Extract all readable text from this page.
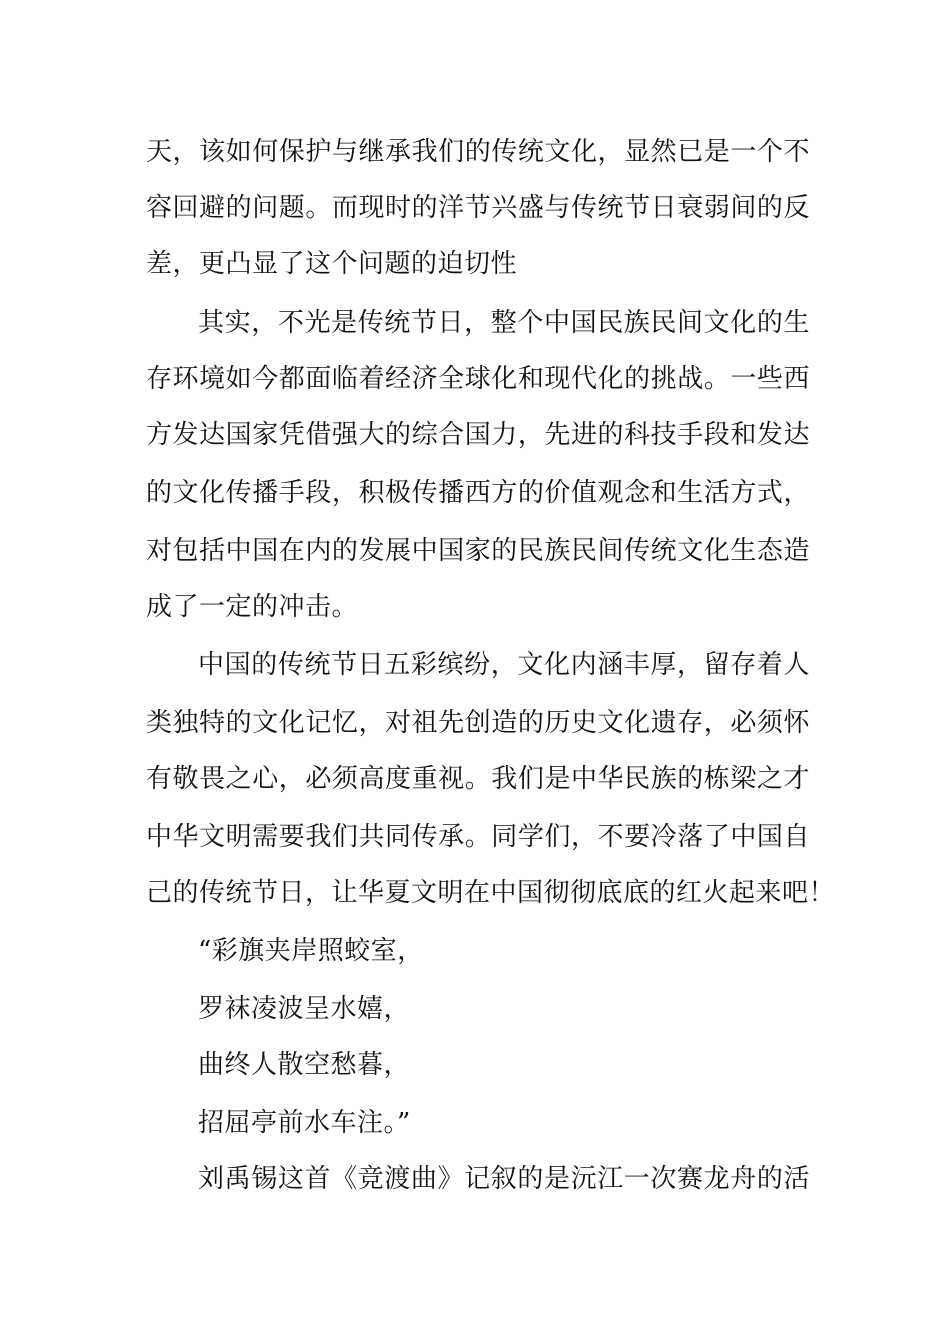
天，该如何保护与继承我们的传统文化，显然已是一个不
容回避的问题。而现时的洋节兴盛与传统节日衰弱间的反
差，更凸显了这个问题的迫切性
其实，不光是传统节日，整个中国民族民间文化的生
存环境如今都面临着经济全球化和现代化的挑战。一些西
方发达国家凭借强大的综合国力，先进的科技手段和发达
的文化传播手段，积极传播西方的价值观念和生活方式，
对包括中国在内的发展中国家的民族民间传统文化生态造
成了一定的冲击。
中国的传统节日五彩缤纷，文化内涵丰厚，留存着人
类独特的文化记忆，对祖先创造的历史文化遗存，必须怀
有敬畏之心，必须高度重视。我们是中华民族的栋梁之才
中华文明需要我们共同传承。同学们，不要冷落了中国自
己的传统节日，让华夏文明在中国彻彻底底的红火起来吧！
“彩旗夹岸照蛟室，
罗袜凌波呈水嬉，
曲终人散空愁暮，
招屈亭前水车注。”
刘禹锡这首《竞渡曲》记叙的是沅江一次赛龙舟的活
